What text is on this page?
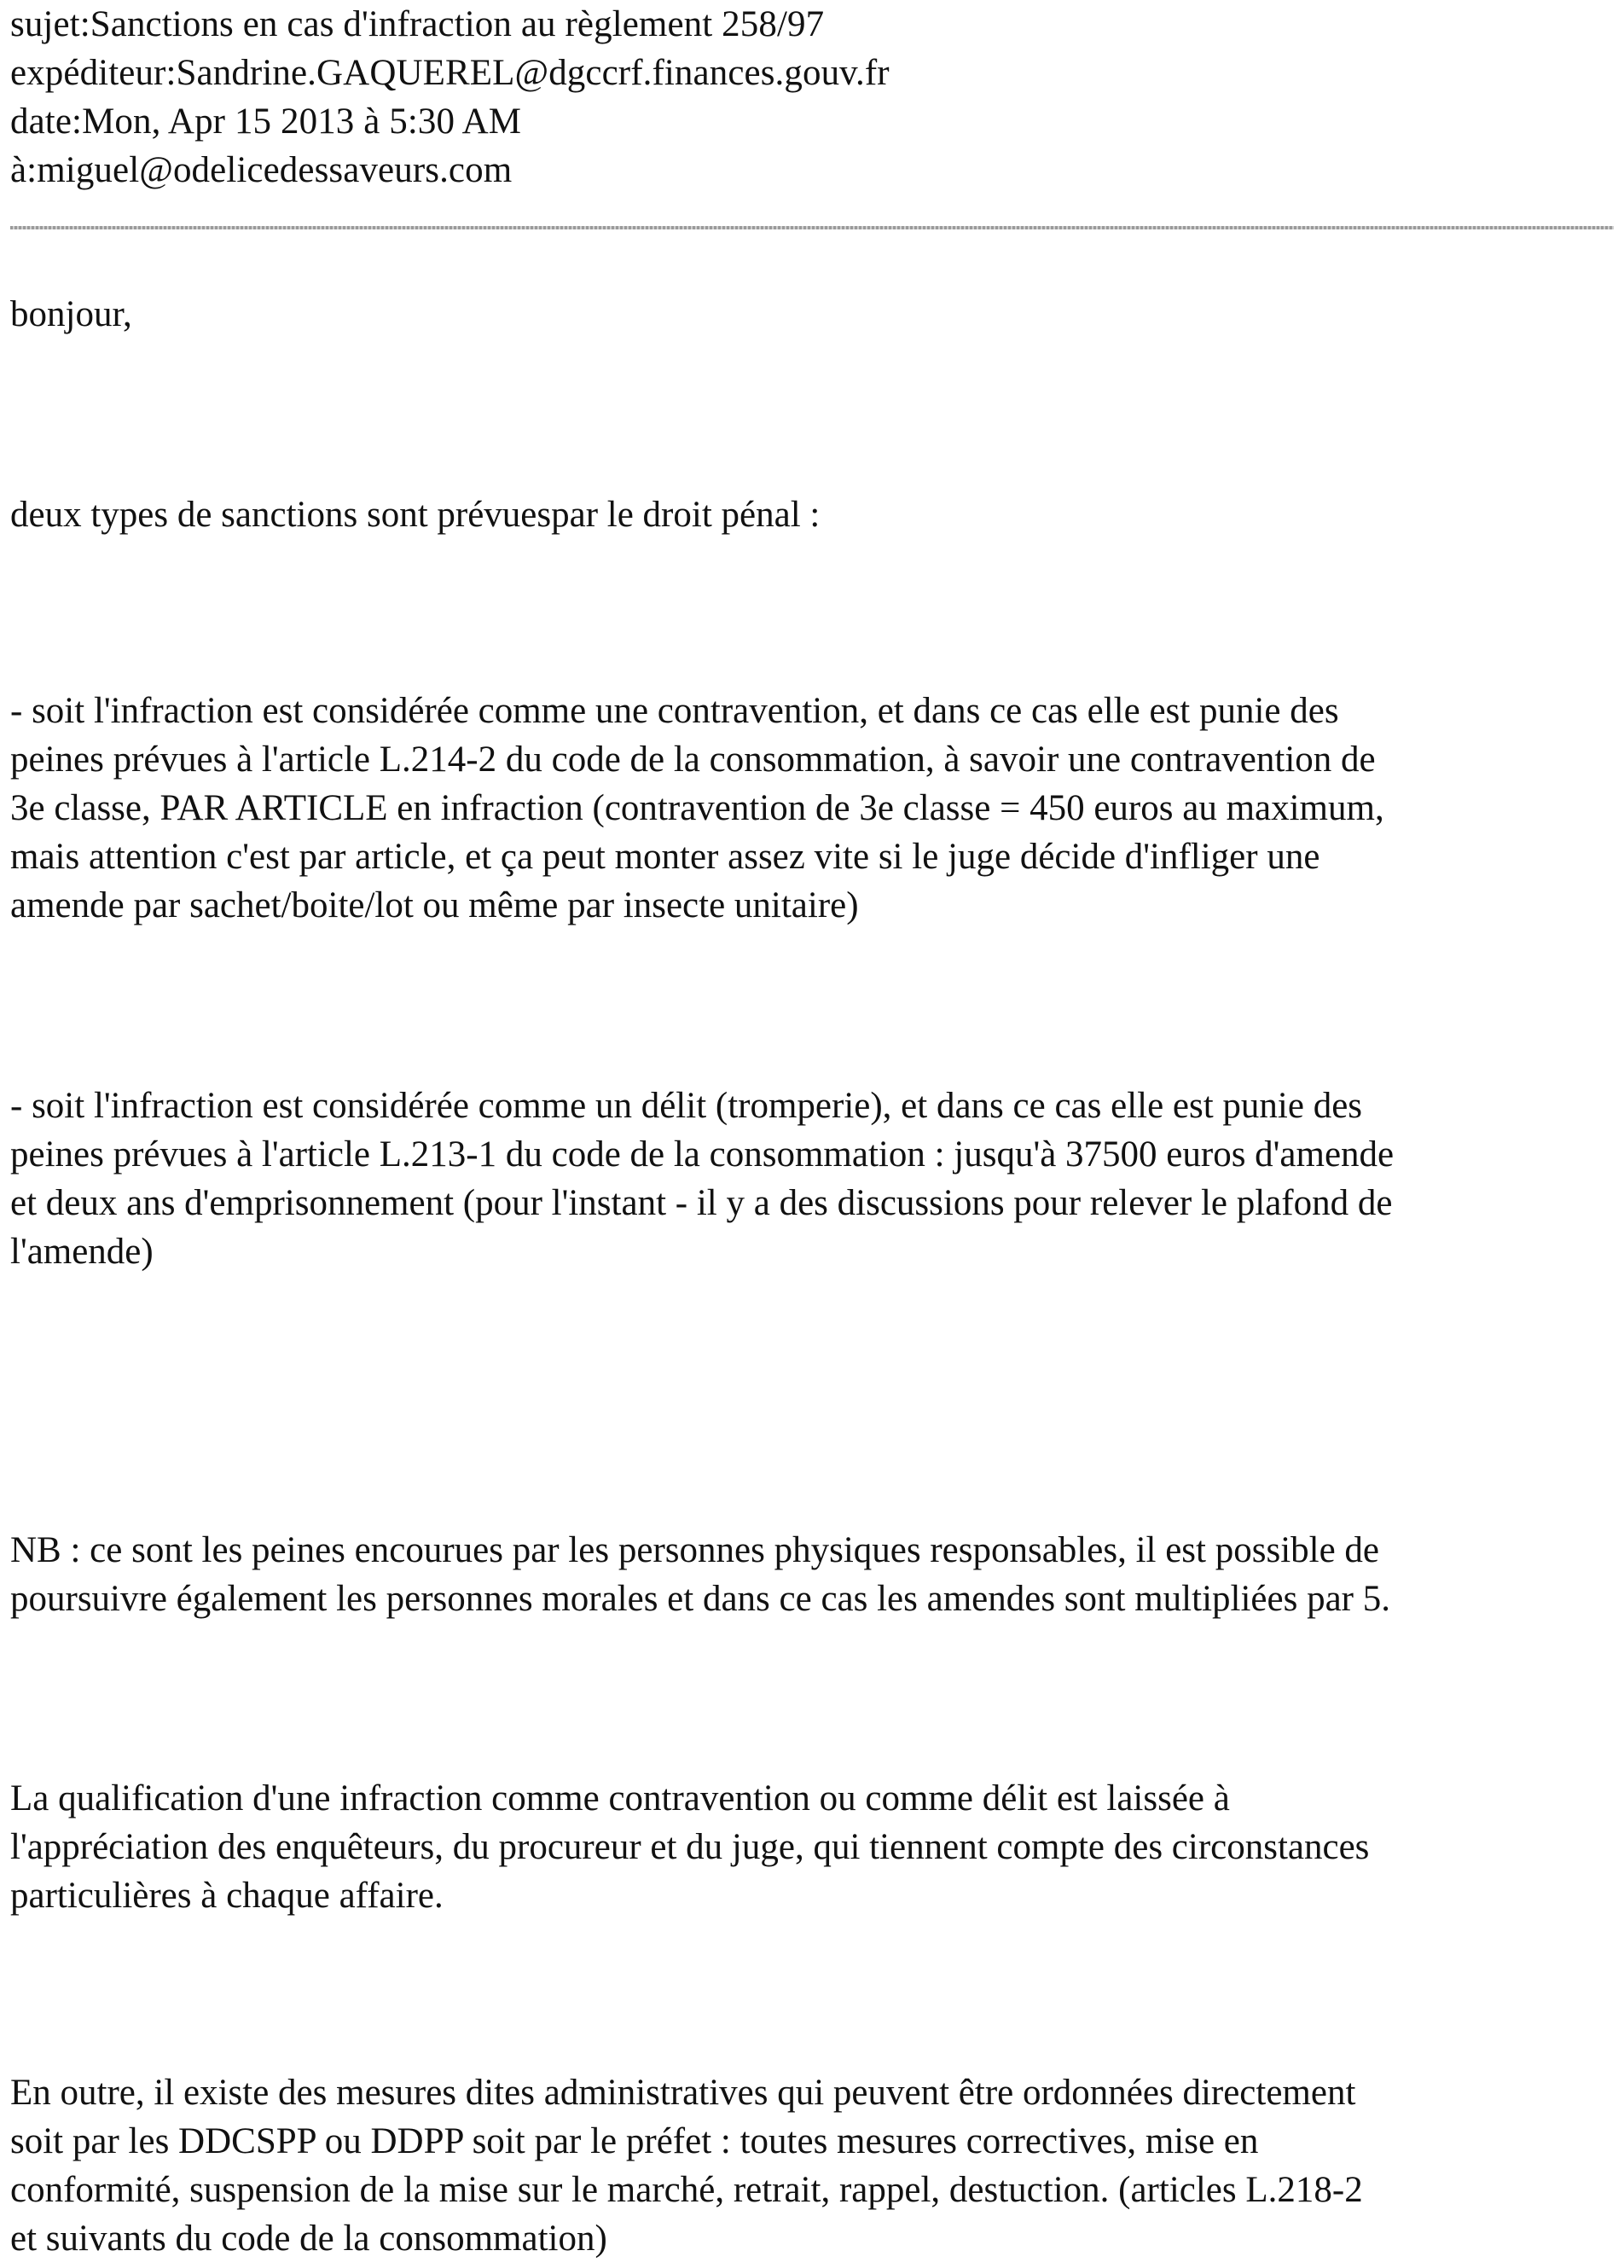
sujet:Sanctions en cas d'infraction au règlement 258/97
expéditeur:Sandrine.GAQUEREL@dgccrf.finances.gouv.fr
date:Mon, Apr 15 2013 à 5:30 AM
à:miguel@odelicedessaveurs.com

bonjour,

deux types de sanctions sont prévuespar le droit pénal :

- soit l'infraction est considérée comme une contravention, et dans ce cas elle est punie des
peines prévues à l'article L.214-2 du code de la consommation, à savoir une contravention de
3e classe, PAR ARTICLE en infraction (contravention de 3e classe = 450 euros au maximum,
mais attention c'est par article, et ça peut monter assez vite si le juge décide d'infliger une
amende par sachet/boite/lot ou même par insecte unitaire)

- soit l'infraction est considérée comme un délit (tromperie), et dans ce cas elle est punie des
peines prévues à l'article L.213-1 du code de la consommation : jusqu'à 37500 euros d'amende
et deux ans d'emprisonnement (pour l'instant - il y a des discussions pour relever le plafond de
l'amende)

NB : ce sont les peines encourues par les personnes physiques responsables, il est possible de
poursuivre également les personnes morales et dans ce cas les amendes sont multipliées par 5.

La qualification d'une infraction comme contravention ou comme délit est laissée à
l'appréciation des enquêteurs, du procureur et du juge, qui tiennent compte des circonstances
particulières à chaque affaire.

En outre, il existe des mesures dites administratives qui peuvent être ordonnées directement
soit par les DDCSPP ou DDPP soit par le préfet : toutes mesures correctives, mise en
conformité, suspension de la mise sur le marché, retrait, rappel, destuction. (articles L.218-2
et suivants du code de la consommation)
